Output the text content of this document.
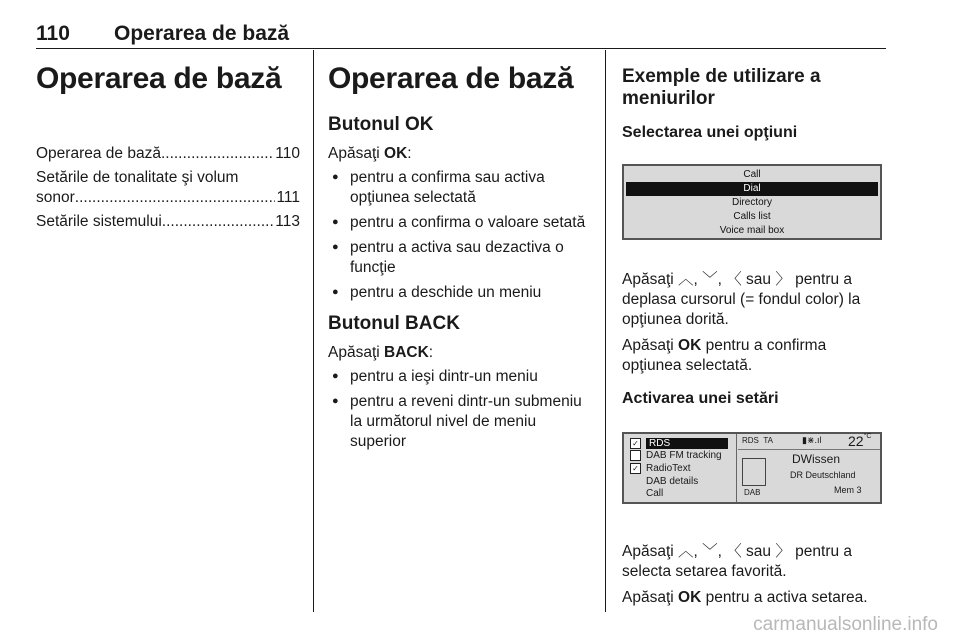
110 Operarea de bază
Operarea de bază
Operarea de bază .....	110
Setările de tonalitate şi volum
sonor .....	111
Setările sistemului .....	113
Operarea de bază
Butonul OK
Apăsaţi OK:
● pentru a confirma sau activa opţiunea selectată
● pentru a confirma o valoare setată
● pentru a activa sau dezactiva o funcţie
● pentru a deschide un meniu
Butonul BACK
Apăsaţi BACK:
● pentru a ieşi dintr-un meniu
● pentru a reveni dintr-un submeniu la următorul nivel de meniu superior
Exemple de utilizare a meniurilor
Selectarea unei opţiuni
Call
Dial
Directory
Calls list
Voice mail box
Apăsaţi ︿, ﹀, 〈 sau 〉 pentru a deplasa cursorul (= fondul color) la opţiunea dorită.
Apăsaţi OK pentru a confirma opţiunea selectată.
Activarea unei setări
✓	RDS
DAB FM tracking
✓ RadioText
DAB details
Call
RDS TA	▮⋇.ıl $22^{^\circ C}$
DAB
DWissen
DR Deutschland
Mem 3
Apăsaţi ︿, ﹀, 〈 sau 〉 pentru a selecta setarea favorită.
Apăsaţi OK pentru a activa setarea.
carmanualsonline.info
